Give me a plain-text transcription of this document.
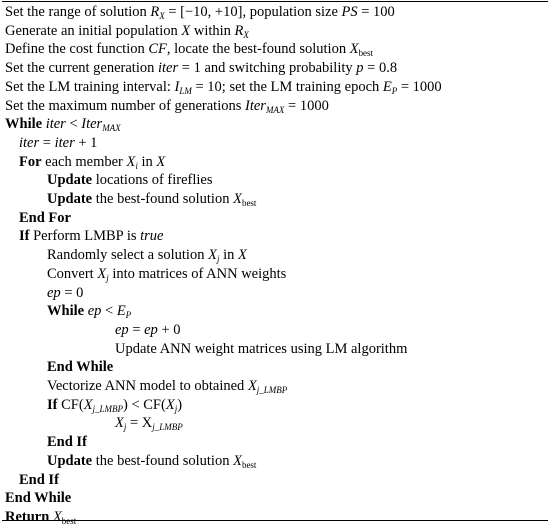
Set the range of solution $R_X = [-10$, +10], population size PS = 100
Generate an initial population X within $R_X$
Define the cost function CF, locate the best-found solution $X_{best}$
Set the current generation iter = 1 and switching probability p = 0.8
Set the LM training interval: $I_{LM} = 10$; set the LM training epoch $E_P = 1000$
Set the maximum number of generations Iter$_{MAX}$ = 1000
While iter < Iter$_{MAX}$
iter = iter + 1
For each member $X_i$ in X
Update locations of fireflies
Update the best-found solution $X_{best}$
End For
If Perform LMBP is true
Randomly select a solution $X_j$ in X
Convert $X_j$ into matrices of ANN weights
ep = 0
While ep < $E_P$
ep = ep + 0
Update ANN weight matrices using LM algorithm
End While
Vectorize ANN model to obtained $X_{j\_LMBP}$
If $CF(X_{j\_LMBP}) < CF(X_j)$
$X_j = X_{j\_LMBP}$
End If
Update the best-found solution $X_{best}$
End If
End While
Return $X_{best}$
